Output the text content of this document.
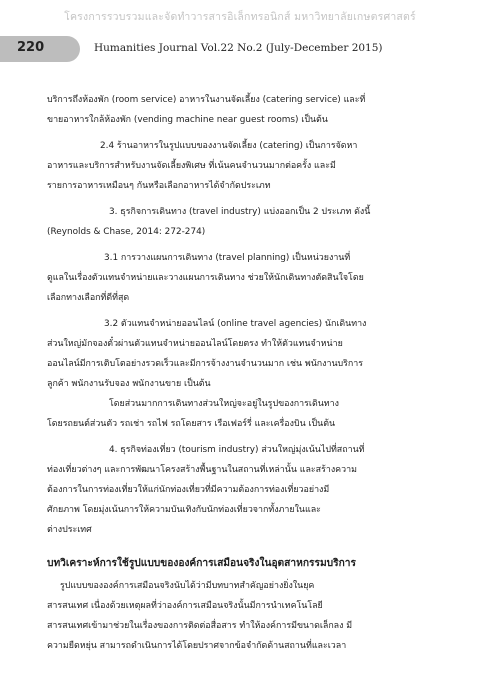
โครงการรวบรวมและจัดทำวารสารอิเล็กทรอนิกส์ มหาวิทยาลัยเกษตรศาสตร์
220	Humanities Journal Vol.22 No.2 (July-December 2015)
บริการถึงห้องพัก (room service) อาหารในงานจัดเลี้ยง (catering service) และที่
ขายอาหารใกล้ห้องพัก (vending machine near guest rooms) เป็นต้น
2.4 ร้านอาหารในรูปแบบของงานจัดเลี้ยง (catering) เป็นการจัดหา
อาหารและบริการสำหรับงานจัดเลี้ยงพิเศษ ที่เน้นคนจำนวนมากต่อครั้ง และมี
รายการอาหารเหมือนๆ กันหรือเลือกอาหารได้จำกัดประเภท
3. ธุรกิจการเดินทาง (travel industry) แบ่งออกเป็น 2 ประเภท ดังนี้
(Reynolds & Chase, 2014: 272-274)
3.1 การวางแผนการเดินทาง (travel planning) เป็นหน่วยงานที่
ดูแลในเรื่องตัวแทนจำหน่ายและวางแผนการเดินทาง ช่วยให้นักเดินทางตัดสินใจโดย
เลือกทางเลือกที่ดีที่สุด
3.2 ตัวแทนจำหน่ายออนไลน์ (online travel agencies) นักเดินทาง
ส่วนใหญ่มักจองตั๋วผ่านตัวแทนจำหน่ายออนไลน์โดยตรง ทำให้ตัวแทนจำหน่าย
ออนไลน์มีการเติบโตอย่างรวดเร็วและมีการจ้างงานจำนวนมาก เช่น พนักงานบริการ
ลูกค้า พนักงานรับจอง พนักงานขาย เป็นต้น
โดยส่วนมากการเดินทางส่วนใหญ่จะอยู่ในรูปของการเดินทาง
โดยรถยนต์ส่วนตัว รถเช่า รถไฟ รถโดยสาร เรือเฟอร์รี่ และเครื่องบิน เป็นต้น
4. ธุรกิจท่องเที่ยว (tourism industry) ส่วนใหญ่มุ่งเน้นไปที่สถานที่
ท่องเที่ยวต่างๆ และการพัฒนาโครงสร้างพื้นฐานในสถานที่เหล่านั้น และสร้างความ
ต้องการในการท่องเที่ยวให้แก่นักท่องเที่ยวที่มีความต้องการท่องเที่ยวอย่างมี
ศักยภาพ โดยมุ่งเน้นการให้ความบันเทิงกับนักท่องเที่ยวจากทั้งภายในและ
ต่างประเทศ
บทวิเคราะห์การใช้รูปแบบขององค์การเสมือนจริงในอุตสาหกรรมบริการ
รูปแบบขององค์การเสมือนจริงนับได้ว่ามีบทบาทสำคัญอย่างยิ่งในยุค
สารสนเทศ เนื่องด้วยเหตุผลที่ว่าองค์การเสมือนจริงนั้นมีการนำเทคโนโลยี
สารสนเทศเข้ามาช่วยในเรื่องของการติดต่อสื่อสาร ทำให้องค์การมีขนาดเล็กลง มี
ความยืดหยุ่น สามารถดำเนินการได้โดยปราศจากข้อจำกัดด้านสถานที่และเวลา
